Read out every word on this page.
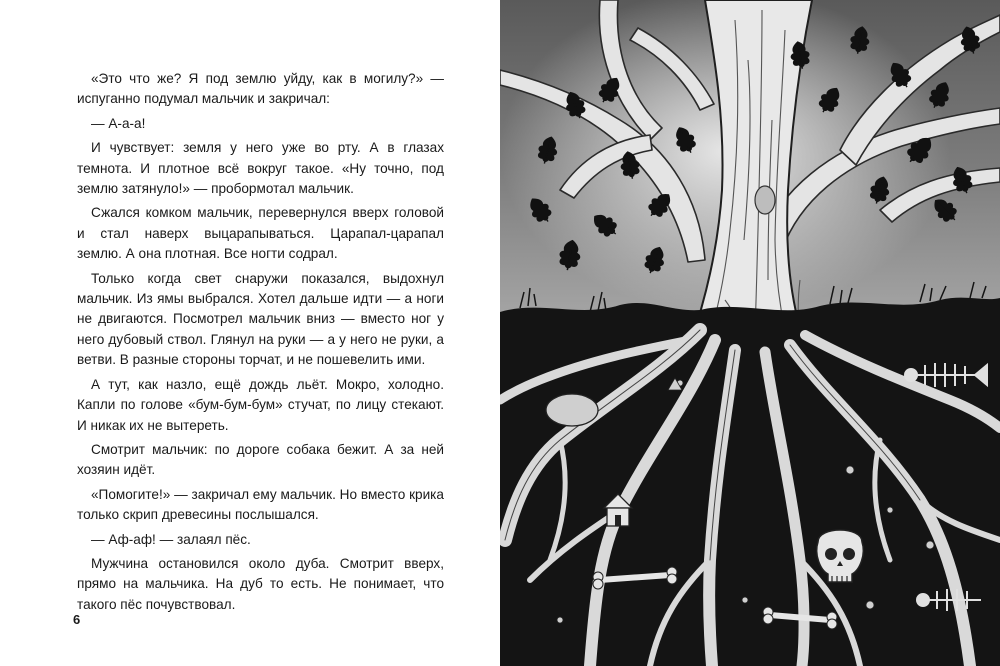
«Это что же? Я под землю уйду, как в могилу?» — испуганно подумал мальчик и закричал:

— А-а-а!

И чувствует: земля у него уже во рту. А в глазах темнота. И плотное всё вокруг такое. «Ну точно, под землю затянуло!» — пробормотал мальчик.

Сжался комком мальчик, перевернулся вверх головой и стал наверх выцарапываться. Царапал-царапал землю. А она плотная. Все ногти содрал.

Только когда свет снаружи показался, выдохнул мальчик. Из ямы выбрался. Хотел дальше идти — а ноги не двигаются. Посмотрел мальчик вниз — вместо ног у него дубовый ствол. Глянул на руки — а у него не руки, а ветви. В разные стороны торчат, и не пошевелить ими.

А тут, как назло, ещё дождь льёт. Мокро, холодно. Капли по голове «бум-бум-бум» стучат, по лицу стекают. И никак их не вытереть.

Смотрит мальчик: по дороге собака бежит. А за ней хозяин идёт.

«Помогите!» — закричал ему мальчик. Но вместо крика только скрип древесины послышался.

— Аф-аф! — залаял пёс.

Мужчина остановился около дуба. Смотрит вверх, прямо на мальчика. На дуб то есть. Не понимает, что такого пёс почувствовал.

6
